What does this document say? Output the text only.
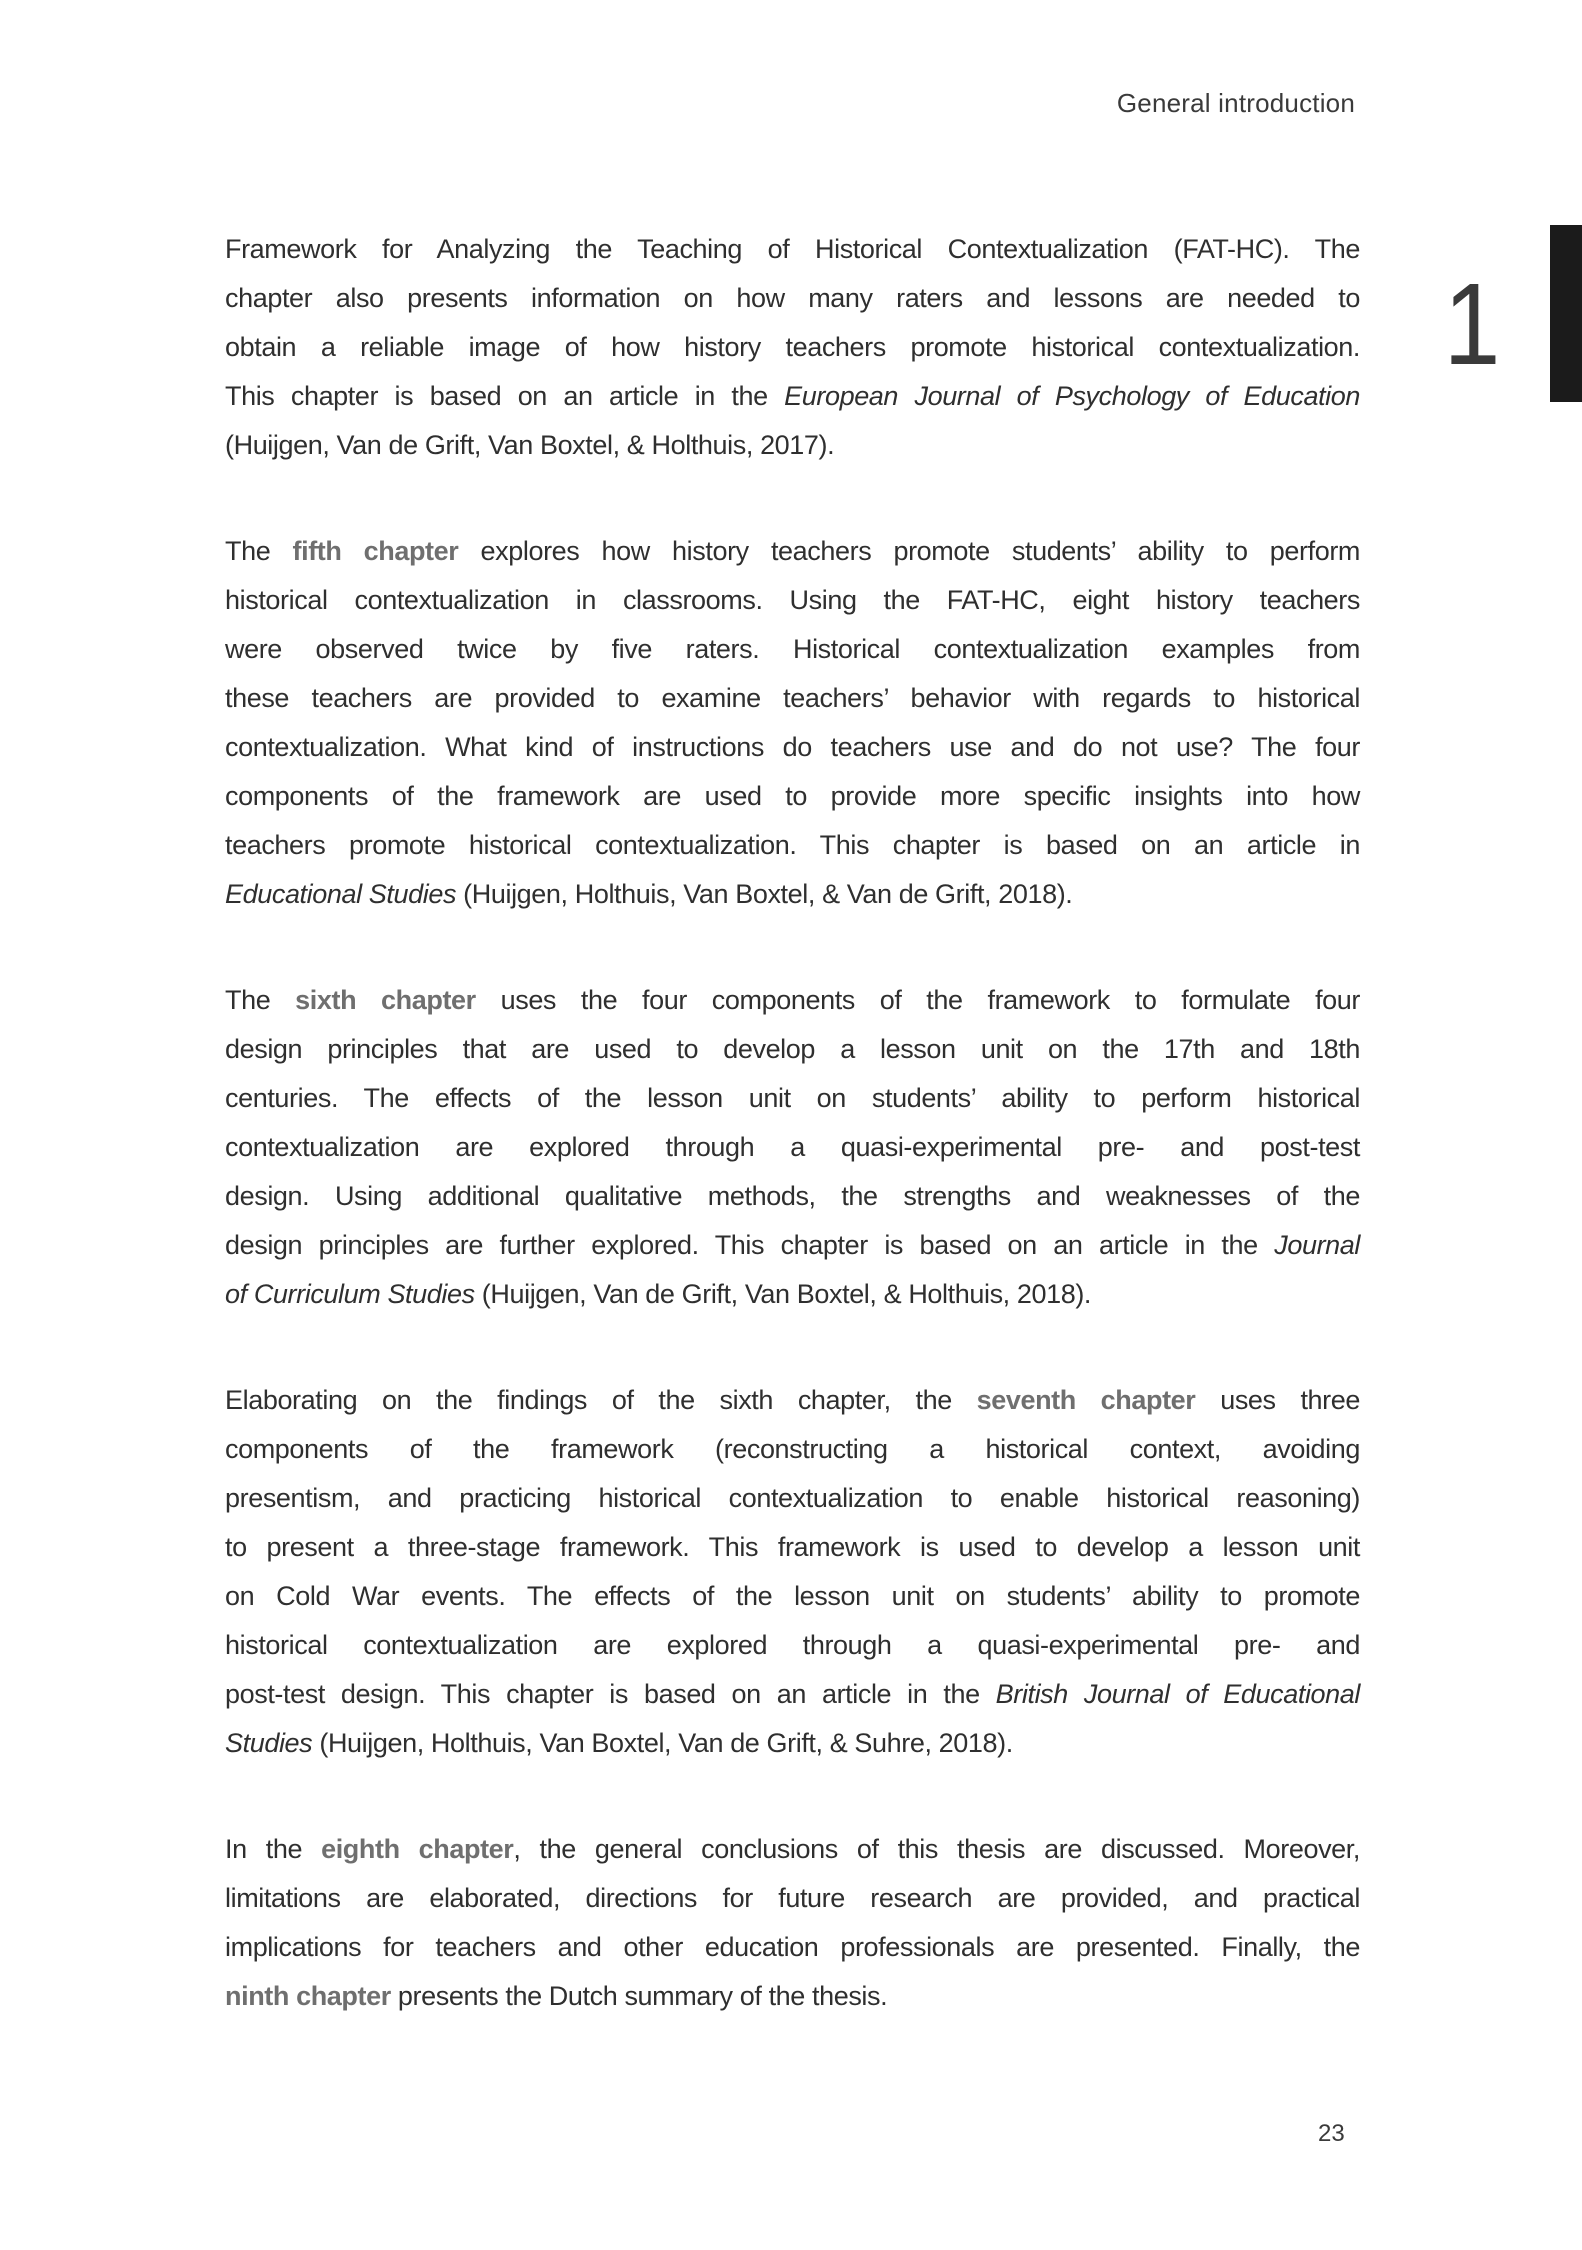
General introduction
1
Framework for Analyzing the Teaching of Historical Contextualization (FAT-HC). The
chapter also presents information on how many raters and lessons are needed to
obtain a reliable image of how history teachers promote historical contextualization.
This chapter is based on an article in the European Journal of Psychology of Education
(Huijgen, Van de Grift, Van Boxtel, & Holthuis, 2017).
The fifth chapter explores how history teachers promote students’ ability to perform
historical contextualization in classrooms. Using the FAT-HC, eight history teachers
were observed twice by five raters. Historical contextualization examples from
these teachers are provided to examine teachers’ behavior with regards to historical
contextualization. What kind of instructions do teachers use and do not use? The four
components of the framework are used to provide more specific insights into how
teachers promote historical contextualization. This chapter is based on an article in
Educational Studies (Huijgen, Holthuis, Van Boxtel, & Van de Grift, 2018).
The sixth chapter uses the four components of the framework to formulate four
design principles that are used to develop a lesson unit on the 17th and 18th
centuries. The effects of the lesson unit on students’ ability to perform historical
contextualization are explored through a quasi-experimental pre- and post-test
design. Using additional qualitative methods, the strengths and weaknesses of the
design principles are further explored. This chapter is based on an article in the Journal
of Curriculum Studies (Huijgen, Van de Grift, Van Boxtel, & Holthuis, 2018).
Elaborating on the findings of the sixth chapter, the seventh chapter uses three
components of the framework (reconstructing a historical context, avoiding
presentism, and practicing historical contextualization to enable historical reasoning)
to present a three-stage framework. This framework is used to develop a lesson unit
on Cold War events. The effects of the lesson unit on students’ ability to promote
historical contextualization are explored through a quasi-experimental pre- and
post-test design. This chapter is based on an article in the British Journal of Educational
Studies (Huijgen, Holthuis, Van Boxtel, Van de Grift, & Suhre, 2018).
In the eighth chapter, the general conclusions of this thesis are discussed. Moreover,
limitations are elaborated, directions for future research are provided, and practical
implications for teachers and other education professionals are presented. Finally, the
ninth chapter presents the Dutch summary of the thesis.
23
